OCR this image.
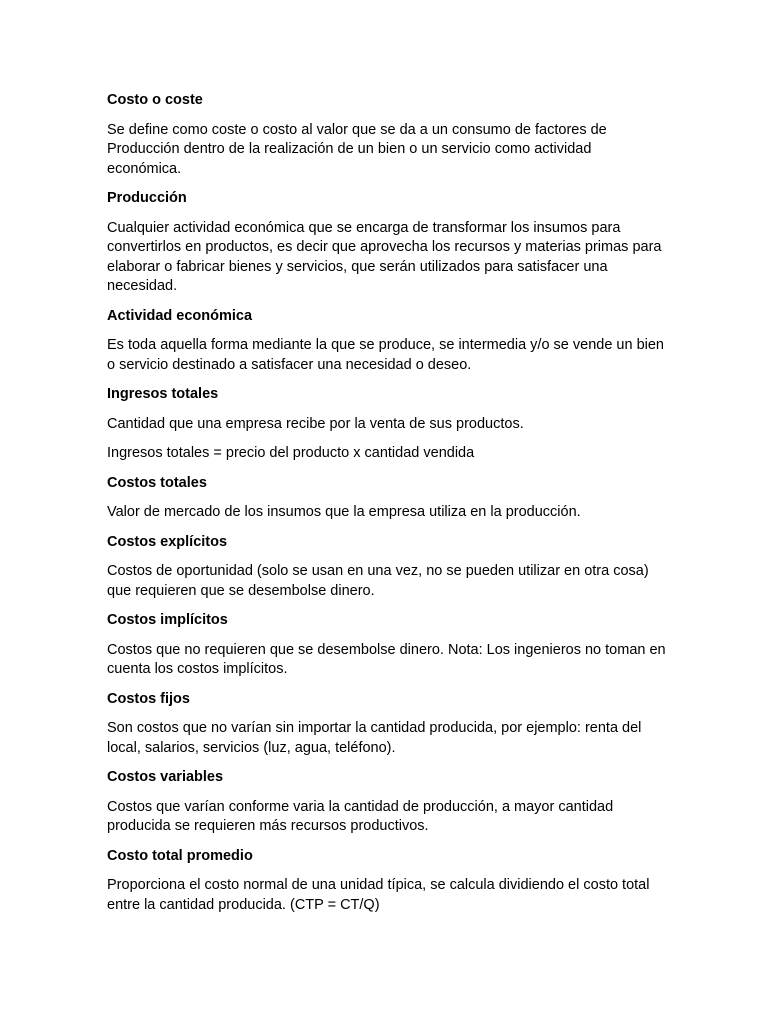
Costo o coste
Se define como coste o costo al valor que se da a un consumo de factores de Producción dentro de la realización de un bien o un servicio como actividad económica.
Producción
Cualquier actividad económica que se encarga de transformar los insumos para convertirlos en productos, es decir que aprovecha los recursos y materias primas para elaborar o fabricar bienes y servicios, que serán utilizados para satisfacer una necesidad.
Actividad económica
Es toda aquella forma mediante la que se produce, se intermedia y/o se vende un bien o servicio destinado a satisfacer una necesidad o deseo.
Ingresos totales
Cantidad que una empresa recibe por la venta de sus productos.
Ingresos totales = precio del producto x cantidad vendida
Costos totales
Valor de mercado de los insumos que la empresa utiliza en la producción.
Costos explícitos
Costos de oportunidad (solo se usan en una vez, no se pueden utilizar en otra cosa) que requieren que se desembolse dinero.
Costos implícitos
Costos que no requieren que se desembolse dinero. Nota: Los ingenieros no toman en cuenta los costos implícitos.
Costos fijos
Son costos que no varían sin importar la cantidad producida, por ejemplo: renta del local, salarios, servicios (luz, agua, teléfono).
Costos variables
Costos que varían conforme varia la cantidad de producción, a mayor cantidad producida se requieren más recursos productivos.
Costo total promedio
Proporciona el costo normal de una unidad típica, se calcula dividiendo el costo total entre la cantidad producida. (CTP = CT/Q)
